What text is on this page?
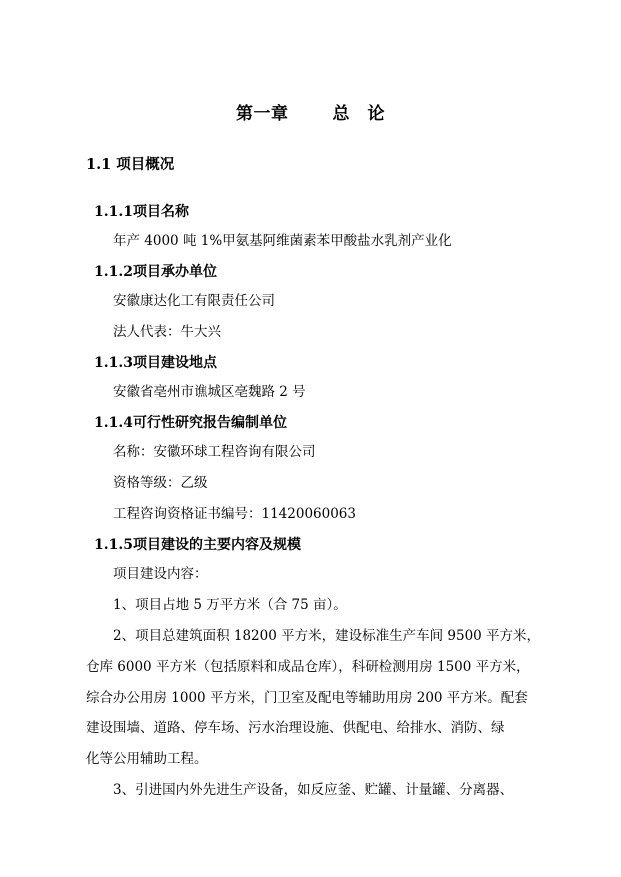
第一章	总　论
1.1 项目概况
1.1.1项目名称
年产 4000 吨 1%甲氨基阿维菌素苯甲酸盐水乳剂产业化
1.1.2项目承办单位
安徽康达化工有限责任公司
法人代表：牛大兴
1.1.3项目建设地点
安徽省亳州市谯城区亳魏路 2 号
1.1.4可行性研究报告编制单位
名称：安徽环球工程咨询有限公司
资格等级：乙级
工程咨询资格证书编号：11420060063
1.1.5项目建设的主要内容及规模
项目建设内容：
1、项目占地 5 万平方米（合 75 亩）。
2、项目总建筑面积 18200 平方米，建设标准生产车间 9500 平方米，
仓库 6000 平方米（包括原料和成品仓库），科研检测用房 1500 平方米，
综合办公用房 1000 平方米，门卫室及配电等辅助用房 200 平方米。配套
建设围墙、道路、停车场、污水治理设施、供配电、给排水、消防、绿
化等公用辅助工程。
3、引进国内外先进生产设备，如反应釜、贮罐、计量罐、分离器、
